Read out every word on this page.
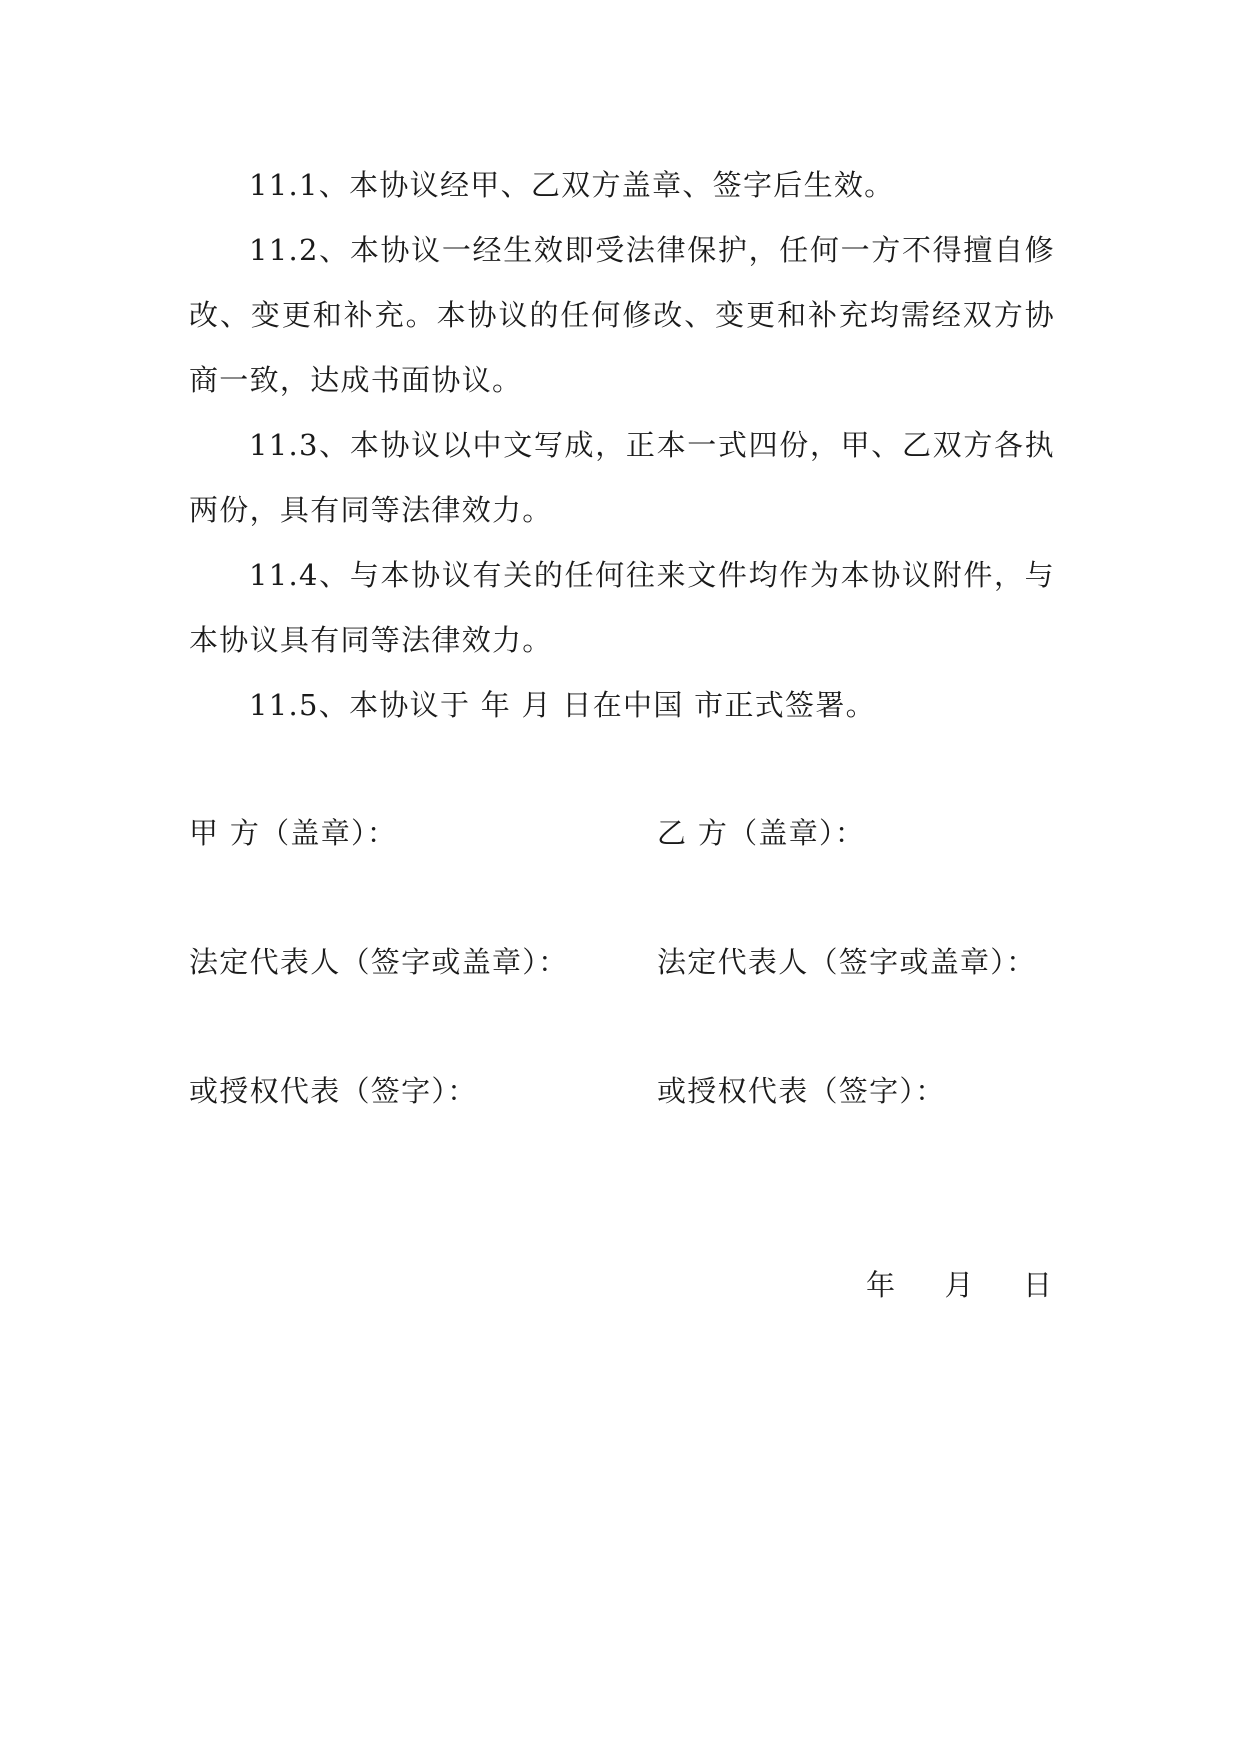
11.1、本协议经甲、乙双方盖章、签字后生效。

11.2、本协议一经生效即受法律保护，任何一方不得擅自修改、变更和补充。本协议的任何修改、变更和补充均需经双方协商一致，达成书面协议。

11.3、本协议以中文写成，正本一式四份，甲、乙双方各执两份，具有同等法律效力。

11.4、与本协议有关的任何往来文件均作为本协议附件，与本协议具有同等法律效力。

11.5、本协议于 年 月 日在中国 市正式签署。

甲 方（盖章）：	乙 方（盖章）：
法定代表人（签字或盖章）：	法定代表人（签字或盖章）：
或授权代表（签字）：	或授权代表（签字）：
年 月 日
